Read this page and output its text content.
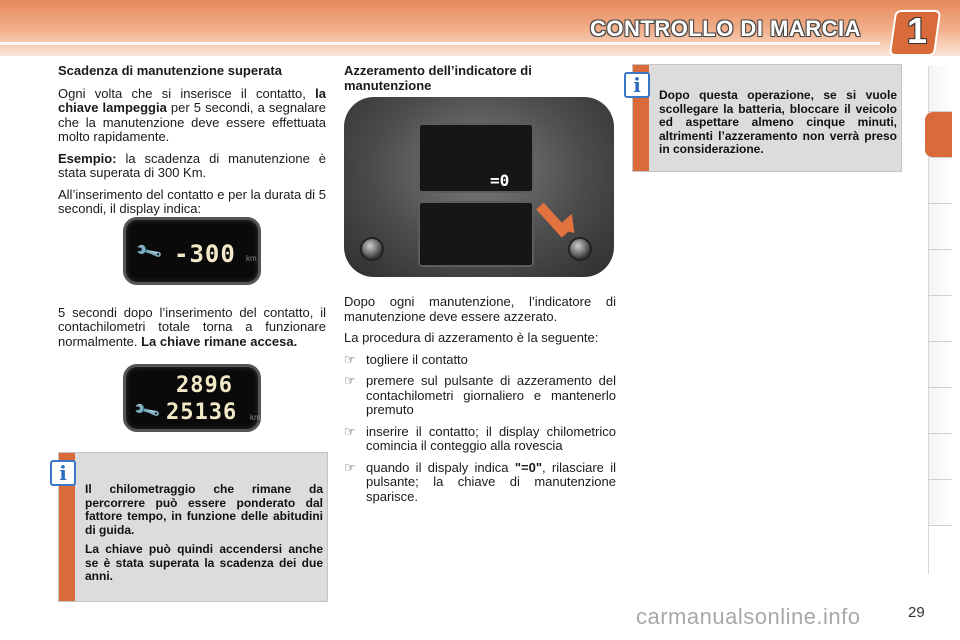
CONTROLLO DI MARCIA 1
Scadenza di manutenzione superata
Ogni volta che si inserisce il contatto, la chiave lampeggia per 5 secondi, a segnalare che la manutenzione deve essere effettuata molto rapidamente.
Esempio: la scadenza di manutenzione è stata superata di 300 Km.
All’inserimento del contatto e per la durata di 5 secondi, il display indica:
5 secondi dopo l’inserimento del contatto, il contachilometri totale torna a funzionare normalmente. La chiave rimane accesa.
🔧 -300 km
2896
🔧 25136 km
Azzeramento dell’indicatore di manutenzione
Dopo ogni manutenzione, l’indicatore di manutenzione deve essere azzerato.
La procedura di azzeramento è la seguente:
☞ togliere il contatto
☞ premere sul pulsante di azzeramento del contachilometri giornaliero e mantenerlo premuto
☞ inserire il contatto; il display chilometrico comincia il conteggio alla rovescia
☞ quando il dispaly indica "=0", rilasciare il pulsante; la chiave di manutenzione sparisce.
=0
Dopo questa operazione, se si vuole scollegare la batteria, bloccare il veicolo ed aspettare almeno cinque minuti, altrimenti l’azzeramento non verrà preso in considerazione.
i
Il chilometraggio che rimane da percorrere può essere ponderato dal fattore tempo, in funzione delle abitudini di guida.
La chiave può quindi accendersi anche se è stata superata la scadenza dei due anni.
i
carmanualsonline.info	29
